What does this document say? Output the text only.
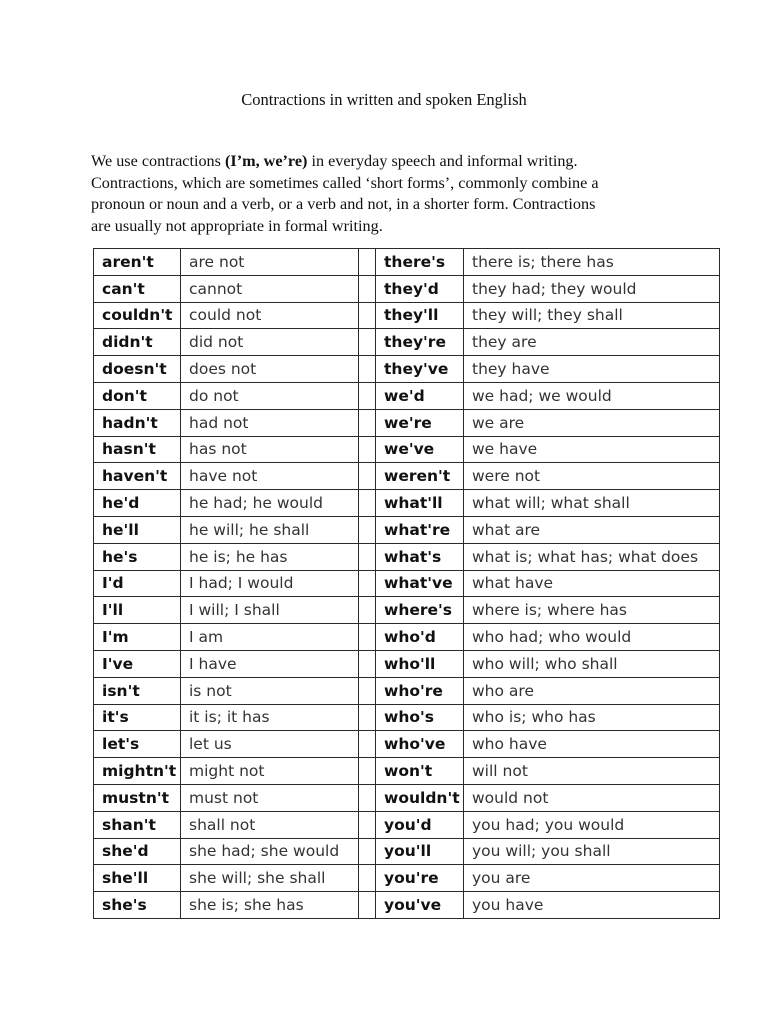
Contractions in written and spoken English
We use contractions (I’m, we’re) in everyday speech and informal writing.
Contractions, which are sometimes called ‘short forms’, commonly combine a
pronoun or noun and a verb, or a verb and not, in a shorter form. Contractions
are usually not appropriate in formal writing.
aren't	are not		there's	there is; there has
can't	cannot		they'd	they had; they would
couldn't	could not		they'll	they will; they shall
didn't	did not		they're	they are
doesn't	does not		they've	they have
don't	do not		we'd	we had; we would
hadn't	had not		we're	we are
hasn't	has not		we've	we have
haven't	have not		weren't	were not
he'd	he had; he would		what'll	what will; what shall
he'll	he will; he shall		what're	what are
he's	he is; he has		what's	what is; what has; what does
I'd	I had; I would		what've	what have
I'll	I will; I shall		where's	where is; where has
I'm	I am		who'd	who had; who would
I've	I have		who'll	who will; who shall
isn't	is not		who're	who are
it's	it is; it has		who's	who is; who has
let's	let us		who've	who have
mightn't	might not		won't	will not
mustn't	must not		wouldn't	would not
shan't	shall not		you'd	you had; you would
she'd	she had; she would		you'll	you will; you shall
she'll	she will; she shall		you're	you are
she's	she is; she has		you've	you have
